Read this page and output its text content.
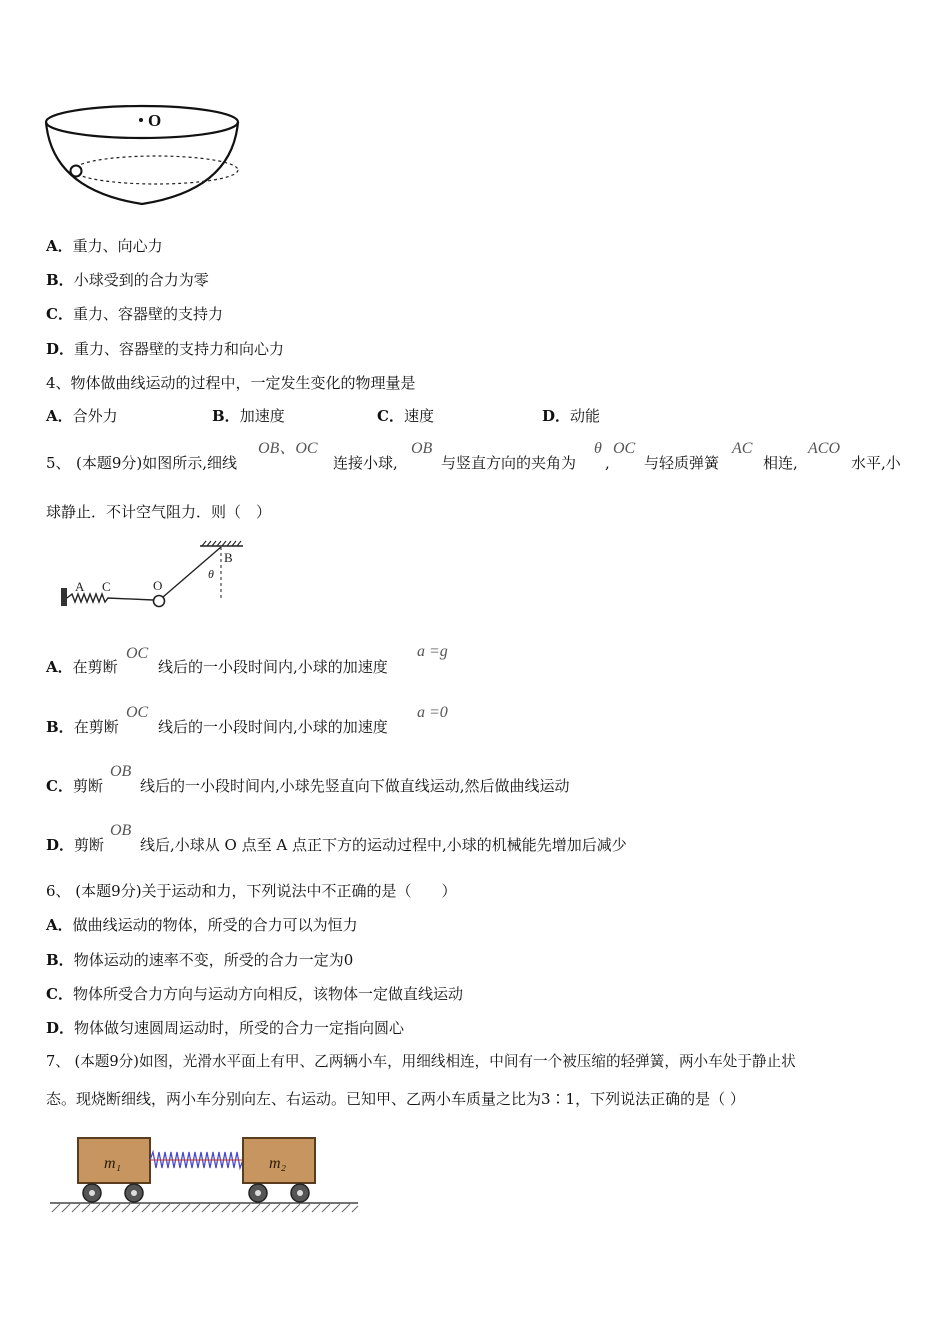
O
A．重力、向心力
B．小球受到的合力为零
C．重力、容器壁的支持力
D．重力、容器壁的支持力和向心力
4、物体做曲线运动的过程中，一定发生变化的物理量是
A．合外力	B．加速度	C．速度	D．动能
5、 (本题9分)如图所示,细线
OB、OC
连接小球,
OB
与竖直方向的夹角为
θ
,
OC
与轻质弹簧
AC
相连,
ACO
水平,小
球静止．不计空气阻力．则（　）
A C	O
B
θ
A．在剪断
OC
线后的一小段时间内,小球的加速度
a =g
B．在剪断
OC
线后的一小段时间内,小球的加速度
a =0
C．剪断
OB
线后的一小段时间内,小球先竖直向下做直线运动,然后做曲线运动
D．剪断
OB
线后,小球从 O 点至 A 点正下方的运动过程中,小球的机械能先增加后减少
6、 (本题9分)关于运动和力，下列说法中不正确的是（　　）
A．做曲线运动的物体，所受的合力可以为恒力
B．物体运动的速率不变，所受的合力一定为0
C．物体所受合力方向与运动方向相反，该物体一定做直线运动
D．物体做匀速圆周运动时，所受的合力一定指向圆心
7、 (本题9分)如图，光滑水平面上有甲、乙两辆小车，用细线相连，中间有一个被压缩的轻弹簧，两小车处于静止状
态。现烧断细线，两小车分别向左、右运动。已知甲、乙两小车质量之比为3∶1，下列说法正确的是（ ）
m₁	m₂
